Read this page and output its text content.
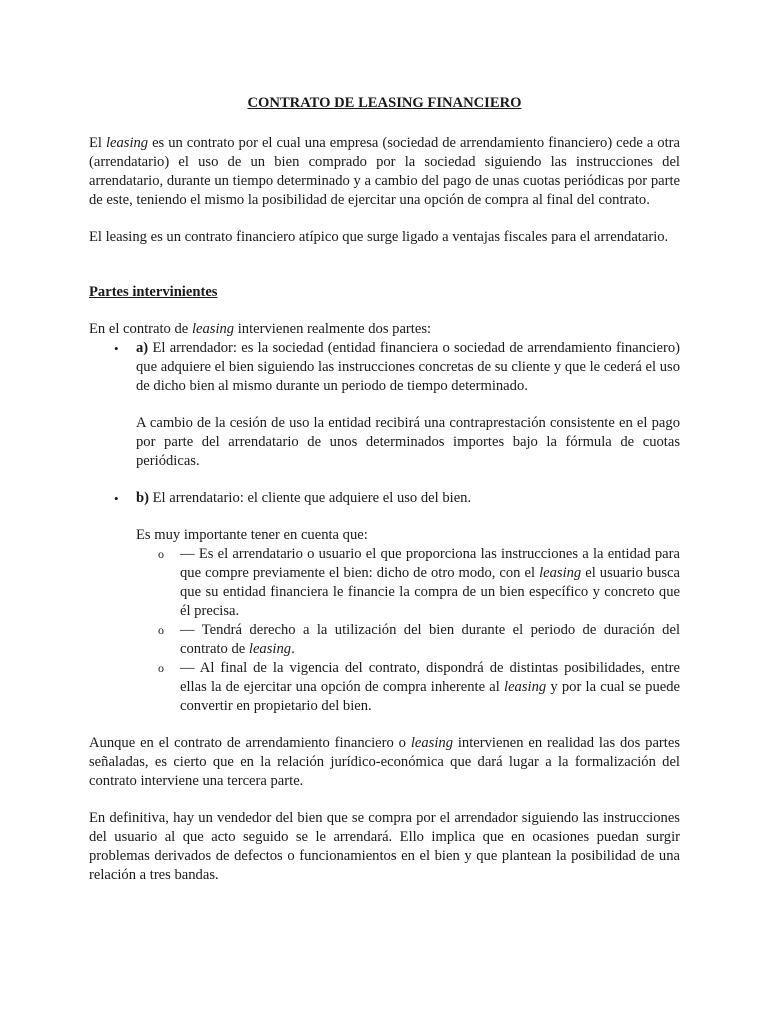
CONTRATO DE LEASING FINANCIERO

El leasing es un contrato por el cual una empresa (sociedad de arrendamiento financiero) cede a otra (arrendatario) el uso de un bien comprado por la sociedad siguiendo las instrucciones del arrendatario, durante un tiempo determinado y a cambio del pago de unas cuotas periódicas por parte de este, teniendo el mismo la posibilidad de ejercitar una opción de compra al final del contrato.

El leasing es un contrato financiero atípico que surge ligado a ventajas fiscales para el arrendatario.

Partes intervinientes

En el contrato de leasing intervienen realmente dos partes:

• a) El arrendador: es la sociedad (entidad financiera o sociedad de arrendamiento financiero) que adquiere el bien siguiendo las instrucciones concretas de su cliente y que le cederá el uso de dicho bien al mismo durante un periodo de tiempo determinado.

A cambio de la cesión de uso la entidad recibirá una contraprestación consistente en el pago por parte del arrendatario de unos determinados importes bajo la fórmula de cuotas periódicas.

• b) El arrendatario: el cliente que adquiere el uso del bien.

Es muy importante tener en cuenta que:

o — Es el arrendatario o usuario el que proporciona las instrucciones a la entidad para que compre previamente el bien: dicho de otro modo, con el leasing el usuario busca que su entidad financiera le financie la compra de un bien específico y concreto que él precisa.
o — Tendrá derecho a la utilización del bien durante el periodo de duración del contrato de leasing.
o — Al final de la vigencia del contrato, dispondrá de distintas posibilidades, entre ellas la de ejercitar una opción de compra inherente al leasing y por la cual se puede convertir en propietario del bien.

Aunque en el contrato de arrendamiento financiero o leasing intervienen en realidad las dos partes señaladas, es cierto que en la relación jurídico-económica que dará lugar a la formalización del contrato interviene una tercera parte.

En definitiva, hay un vendedor del bien que se compra por el arrendador siguiendo las instrucciones del usuario al que acto seguido se le arrendará. Ello implica que en ocasiones puedan surgir problemas derivados de defectos o funcionamientos en el bien y que plantean la posibilidad de una relación a tres bandas.
